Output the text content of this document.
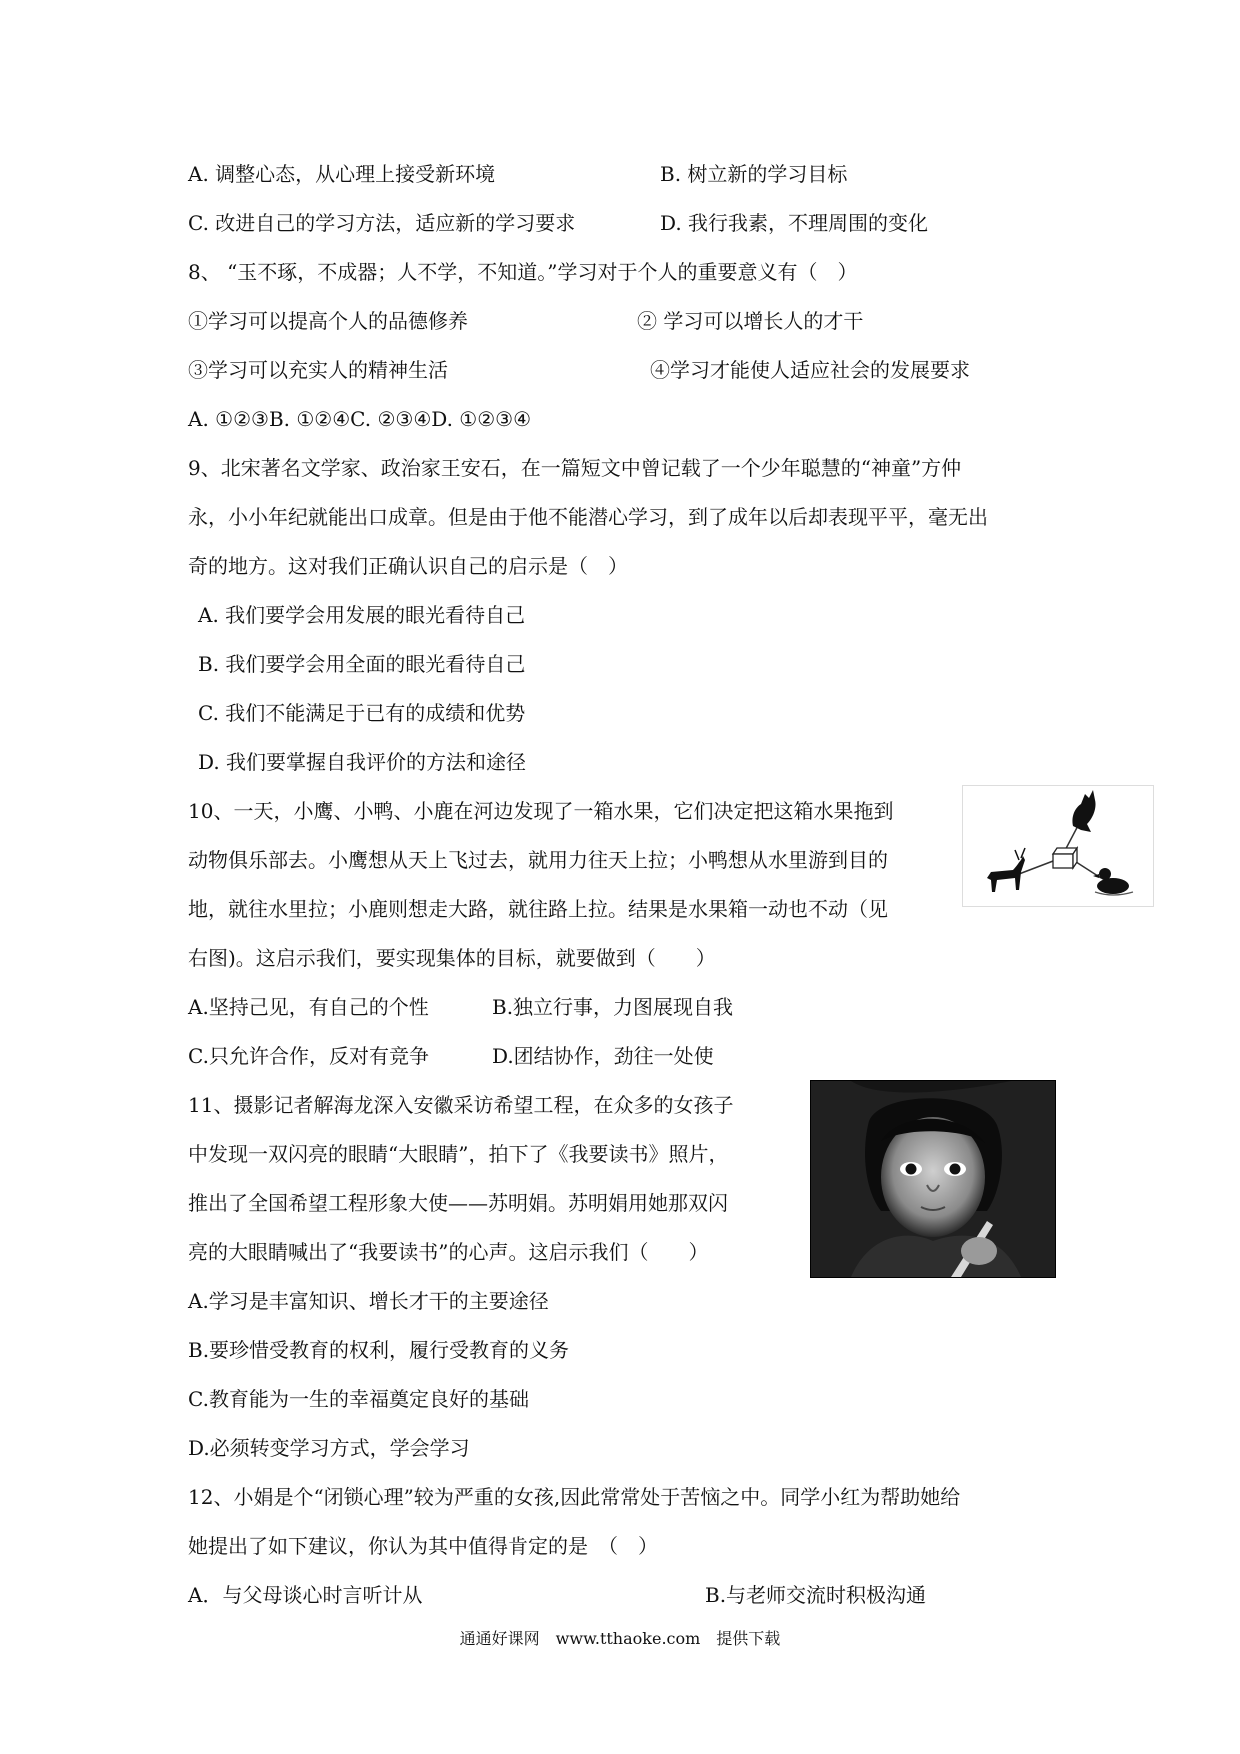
A. 调整心态，从心理上接受新环境	B. 树立新的学习目标
C. 改进自己的学习方法，适应新的学习要求	D. 我行我素，不理周围的变化
8、 “玉不琢，不成器；人不学，不知道。”学习对于个人的重要意义有（　）
①学习可以提高个人的品德修养	② 学习可以增长人的才干
③学习可以充实人的精神生活	④学习才能使人适应社会的发展要求
A. ①②③B. ①②④C. ②③④D. ①②③④
9、北宋著名文学家、政治家王安石，在一篇短文中曾记载了一个少年聪慧的“神童”方仲
永，小小年纪就能出口成章。但是由于他不能潜心学习，到了成年以后却表现平平，毫无出
奇的地方。这对我们正确认识自己的启示是（　）
A. 我们要学会用发展的眼光看待自己
B. 我们要学会用全面的眼光看待自己
C. 我们不能满足于已有的成绩和优势
D. 我们要掌握自我评价的方法和途径
10、一天，小鹰、小鸭、小鹿在河边发现了一箱水果，它们决定把这箱水果拖到
动物俱乐部去。小鹰想从天上飞过去，就用力往天上拉；小鸭想从水里游到目的
地，就往水里拉；小鹿则想走大路，就往路上拉。结果是水果箱一动也不动（见
右图)。这启示我们，要实现集体的目标，就要做到（　　）
A.坚持己见，有自己的个性	B.独立行事，力图展现自我
C.只允许合作，反对有竞争	D.团结协作，劲往一处使
11、摄影记者解海龙深入安徽采访希望工程，在众多的女孩子
中发现一双闪亮的眼睛“大眼睛”，拍下了《我要读书》照片，
推出了全国希望工程形象大使——苏明娟。苏明娟用她那双闪
亮的大眼睛喊出了“我要读书”的心声。这启示我们（　　）
A.学习是丰富知识、增长才干的主要途径
B.要珍惜受教育的权利，履行受教育的义务
C.教育能为一生的幸福奠定良好的基础
D.必须转变学习方式，学会学习
12、小娟是个“闭锁心理”较为严重的女孩,因此常常处于苦恼之中。同学小红为帮助她给
她提出了如下建议，你认为其中值得肯定的是　（　）
A．与父母谈心时言听计从	B.与老师交流时积极沟通
通通好课网　www.tthaoke.com　提供下载
